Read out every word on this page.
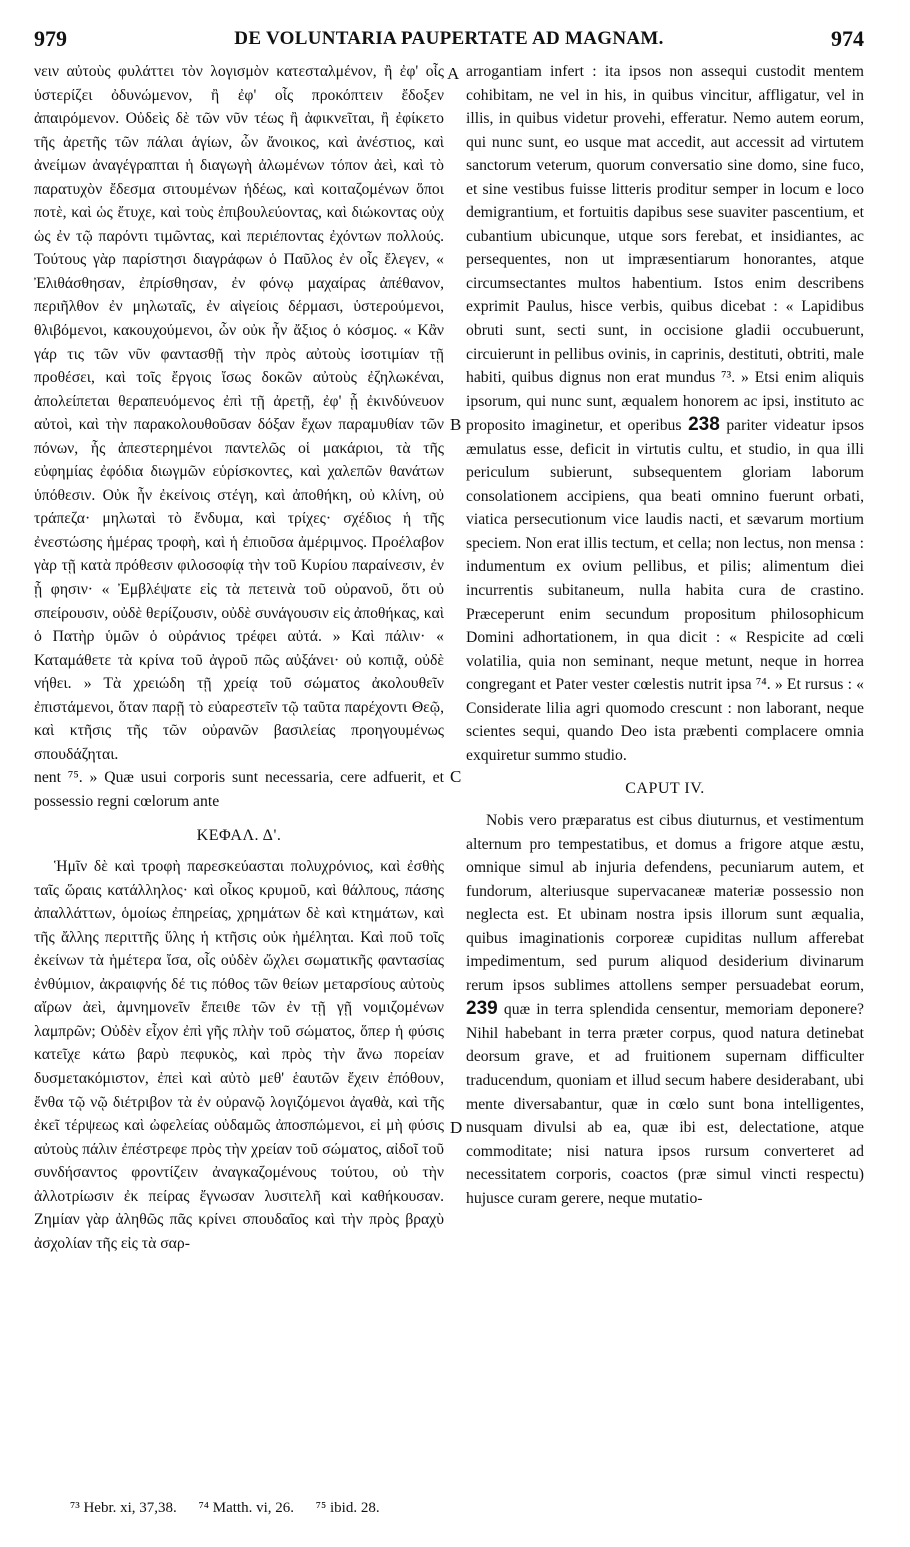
979	DE VOLUNTARIA PAUPERTATE AD MAGNAM.	974

νειν αὐτοὺς φυλάττει τὸν λογισμὸν κατεσταλμένον, ἢ ἐφ' οἷς ὑστερίζει ὀδυνώμενον, ἢ ἐφ' οἷς προκόπτειν ἔδοξεν ἀπαιρόμενον. Οὐδεὶς δὲ τῶν νῦν τέως ἢ ἀφικνεῖται, ἢ ἐφίκετο τῆς ἀρετῆς τῶν πάλαι ἁγίων, ὧν ἄνοικος, καὶ ἀνέστιος, καὶ ἀνείμων ἀναγέγραπται ἡ διαγωγὴ ἀλωμένων τόπον ἀεὶ, καὶ τὸ παρατυχὸν ἔδεσμα σιτουμένων ἡδέως, καὶ κοιταζομένων ὅποι ποτὲ, καὶ ὡς ἔτυχε, καὶ τοὺς ἐπιβουλεύοντας, καὶ διώκοντας οὐχ ὡς ἐν τῷ παρόντι τιμῶντας, καὶ περιέποντας ἐχόντων πολλούς. Τούτους γὰρ παρίστησι διαγράφων ὁ Παῦλος ἐν οἷς ἔλεγεν, « Ἐλιθάσθησαν, ἐπρίσθησαν, ἐν φόνῳ μαχαίρας ἀπέθανον, περιῆλθον ἐν μηλωταῖς, ἐν αἰγείοις δέρμασι, ὑστερούμενοι, θλιβόμενοι, κακουχούμενοι, ὧν οὐκ ἦν ἄξιος ὁ κόσμος. « Κἂν γάρ τις τῶν νῦν φαντασθῇ τὴν πρὸς αὐτοὺς ἰσοτιμίαν τῇ προθέσει, καὶ τοῖς ἔργοις ἴσως δοκῶν αὐτοὺς ἐζηλωκέναι, ἀπολείπεται θεραπευόμενος ἐπὶ τῇ ἀρετῇ, ἐφ' ᾗ ἐκινδύνευον αὐτοὶ, καὶ τὴν παρακολουθοῦσαν δόξαν ἔχων παραμυθίαν τῶν πόνων, ἧς ἀπεστερημένοι παντελῶς οἱ μακάριοι, τὰ τῆς εὐφημίας ἐφόδια διωγμῶν εὑρίσκοντες, καὶ χαλεπῶν θανάτων ὑπόθεσιν. Οὐκ ἦν ἐκείνοις στέγη, καὶ ἀποθήκη, οὐ κλίνη, οὐ τράπεζα· μηλωταὶ τὸ ἔνδυμα, καὶ τρίχες· σχέδιος ἡ τῆς ἐνεστώσης ἡμέρας τροφὴ, καὶ ἡ ἐπιοῦσα ἀμέριμνος. Προέλαβον γὰρ τῇ κατὰ πρόθεσιν φιλοσοφίᾳ τὴν τοῦ Κυρίου παραίνεσιν, ἐν ᾗ φησιν· « Ἐμβλέψατε εἰς τὰ πετεινὰ τοῦ οὐρανοῦ, ὅτι οὐ σπείρουσιν, οὐδὲ θερίζουσιν, οὐδὲ συνάγουσιν εἰς ἀποθήκας, καὶ ὁ Πατὴρ ὑμῶν ὁ οὐράνιος τρέφει αὐτά. » Καὶ πάλιν· « Καταμάθετε τὰ κρίνα τοῦ ἀγροῦ πῶς αὐξάνει· οὐ κοπιᾷ, οὐδὲ νήθει. » Τὰ χρειώδη τῇ χρείᾳ τοῦ σώματος ἀκολουθεῖν ἐπιστάμενοι, ὅταν παρῇ τὸ εὐαρεστεῖν τῷ ταῦτα παρέχοντι Θεῷ, καὶ κτῆσις τῆς τῶν οὐρανῶν βασιλείας προηγουμένως σπουδάζηται.

nent ⁷⁵. » Quæ usui corporis sunt necessaria, cere adfuerit, et possessio regni cœlorum ante

ΚΕΦΑΛ. Δ'.

Ἡμῖν δὲ καὶ τροφὴ παρεσκεύασται πολυχρόνιος, καὶ ἐσθὴς ταῖς ὥραις κατάλληλος· καὶ οἶκος κρυμοῦ, καὶ θάλπους, πάσης ἀπαλλάττων, ὁμοίως ἐπηρείας, χρημάτων δὲ καὶ κτημάτων, καὶ τῆς ἄλλης περιττῆς ὕλης ἡ κτῆσις οὐκ ἠμέληται. Καὶ ποῦ τοῖς ἐκείνων τὰ ἡμέτερα ἴσα, οἷς οὐδὲν ὤχλει σωματικῆς φαντασίας ἐνθύμιον, ἀκραιφνής δέ τις πόθος τῶν θείων μεταρσίους αὐτοὺς αἴρων ἀεὶ, ἀμνημονεῖν ἔπειθε τῶν ἐν τῇ γῇ νομιζομένων λαμπρῶν; Οὐδὲν εἶχον ἐπὶ γῆς πλὴν τοῦ σώματος, ὅπερ ἡ φύσις κατεῖχε κάτω βαρὺ πεφυκὸς, καὶ πρὸς τὴν ἄνω πορείαν δυσμετακόμιστον, ἐπεὶ καὶ αὐτὸ μεθ' ἑαυτῶν ἔχειν ἐπόθουν, ἔνθα τῷ νῷ διέτριβον τὰ ἐν οὐρανῷ λογιζόμενοι ἀγαθὰ, καὶ τῆς ἐκεῖ τέρψεως καὶ ὠφελείας οὐδαμῶς ἀποσπώμενοι, εἰ μὴ φύσις αὐτοὺς πάλιν ἐπέστρεφε πρὸς τὴν χρείαν τοῦ σώματος, αἰδοῖ τοῦ συνδήσαντος φροντίζειν ἀναγκαζομένους τούτου, οὐ τὴν ἀλλοτρίωσιν ἐκ πείρας ἔγνωσαν λυσιτελῆ καὶ καθήκουσαν. Ζημίαν γὰρ ἀληθῶς πᾶς κρίνει σπουδαῖος καὶ τὴν πρὸς βραχὺ ἀσχολίαν τῆς εἰς τὰ σαρ-

A
B
C
D

arrogantiam infert : ita ipsos non assequi custodit mentem cohibitam, ne vel in his, in quibus vincitur, affligatur, vel in illis, in quibus videtur provehi, efferatur. Nemo autem eorum, qui nunc sunt, eo usque mat accedit, aut accessit ad virtutem sanctorum veterum, quorum conversatio sine domo, sine fuco, et sine vestibus fuisse litteris proditur semper in locum e loco demigrantium, et fortuitis dapibus sese suaviter pascentium, et cubantium ubicunque, utque sors ferebat, et insidiantes, ac persequentes, non ut impræsentiarum honorantes, atque circumsectantes multos habentium. Istos enim describens exprimit Paulus, hisce verbis, quibus dicebat : « Lapidibus obruti sunt, secti sunt, in occisione gladii occubuerunt, circuierunt in pellibus ovinis, in caprinis, destituti, obtriti, male habiti, quibus dignus non erat mundus ⁷³. » Etsi enim aliquis ipsorum, qui nunc sunt, æqualem honorem ac ipsi, instituto ac proposito imaginetur, et operibus 238 pariter videatur ipsos æmulatus esse, deficit in virtutis cultu, et studio, in qua illi periculum subierunt, subsequentem gloriam laborum consolationem accipiens, qua beati omnino fuerunt orbati, viatica persecutionum vice laudis nacti, et sævarum mortium speciem. Non erat illis tectum, et cella; non lectus, non mensa : indumentum ex ovium pellibus, et pilis; alimentum diei incurrentis subitaneum, nulla habita cura de crastino. Præceperunt enim secundum propositum philosophicum Domini adhortationem, in qua dicit : « Respicite ad cœli volatilia, quia non seminant, neque metunt, neque in horrea congregant et Pater vester cœlestis nutrit ipsa ⁷⁴. » Et rursus : « Considerate lilia agri quomodo crescunt : non laborant, neque scientes sequi, quando Deo ista præbenti complacere omnia exquiretur summo studio.

CAPUT IV.

Nobis vero præparatus est cibus diuturnus, et vestimentum alternum pro tempestatibus, et domus a frigore atque æstu, omnique simul ab injuria defendens, pecuniarum autem, et fundorum, alteriusque supervacaneæ materiæ possessio non neglecta est. Et ubinam nostra ipsis illorum sunt æqualia, quibus imaginationis corporeæ cupiditas nullum afferebat impedimentum, sed purum aliquod desiderium divinarum rerum ipsos sublimes attollens semper persuadebat eorum, 239 quæ in terra splendida censentur, memoriam deponere? Nihil habebant in terra præter corpus, quod natura detinebat deorsum grave, et ad fruitionem supernam difficulter traducendum, quoniam et illud secum habere desiderabant, ubi mente diversabantur, quæ in cœlo sunt bona intelligentes, nusquam divulsi ab ea, quæ ibi est, delectatione, atque commoditate; nisi natura ipsos rursum converteret ad necessitatem corporis, coactos (præ simul vincti respectu) hujusce curam gerere, neque mutatio-

⁷³ Hebr. xi, 37,38. ⁷⁴ Matth. vi, 26. ⁷⁵ ibid. 28.
